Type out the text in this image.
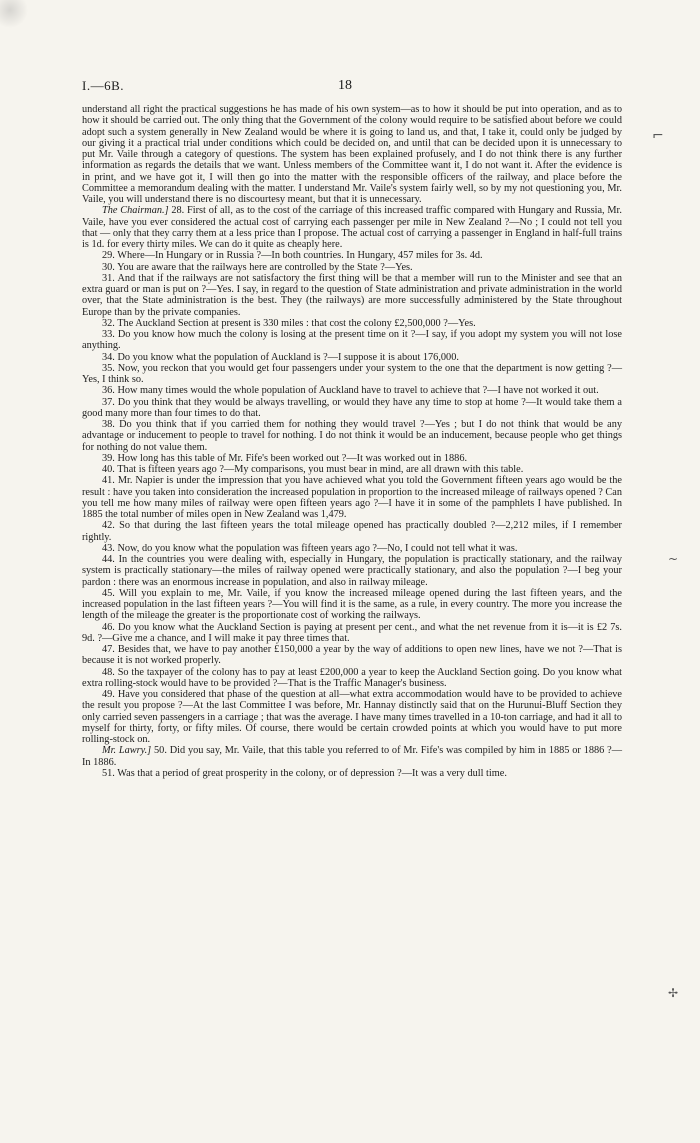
I.—6B.	18

understand all right the practical suggestions he has made of his own system—as to how it should be put into operation, and as to how it should be carried out. The only thing that the Government of the colony would require to be satisfied about before we could adopt such a system generally in New Zealand would be where it is going to land us, and that, I take it, could only be judged by our giving it a practical trial under conditions which could be decided on, and until that can be decided upon it is unnecessary to put Mr. Vaile through a category of questions. The system has been explained profusely, and I do not think there is any further information as regards the details that we want. Unless members of the Committee want it, I do not want it. After the evidence is in print, and we have got it, I will then go into the matter with the responsible officers of the railway, and place before the Committee a memorandum dealing with the matter. I understand Mr. Vaile's system fairly well, so by my not questioning you, Mr. Vaile, you will understand there is no discourtesy meant, but that it is unnecessary.

The Chairman.] 28. First of all, as to the cost of the carriage of this increased traffic compared with Hungary and Russia, Mr. Vaile, have you ever considered the actual cost of carrying each passenger per mile in New Zealand ?—No ; I could not tell you that — only that they carry them at a less price than I propose. The actual cost of carrying a passenger in England in half-full trains is 1d. for every thirty miles. We can do it quite as cheaply here.

29. Where—In Hungary or in Russia ?—In both countries. In Hungary, 457 miles for 3s. 4d.

30. You are aware that the railways here are controlled by the State ?—Yes.

31. And that if the railways are not satisfactory the first thing will be that a member will run to the Minister and see that an extra guard or man is put on ?—Yes. I say, in regard to the question of State administration and private administration in the world over, that the State administration is the best. They (the railways) are more successfully administered by the State throughout Europe than by the private companies.

32. The Auckland Section at present is 330 miles : that cost the colony £2,500,000 ?—Yes.

33. Do you know how much the colony is losing at the present time on it ?—I say, if you adopt my system you will not lose anything.

34. Do you know what the population of Auckland is ?—I suppose it is about 176,000.

35. Now, you reckon that you would get four passengers under your system to the one that the department is now getting ?—Yes, I think so.

36. How many times would the whole population of Auckland have to travel to achieve that ?—I have not worked it out.

37. Do you think that they would be always travelling, or would they have any time to stop at home ?—It would take them a good many more than four times to do that.

38. Do you think that if you carried them for nothing they would travel ?—Yes ; but I do not think that would be any advantage or inducement to people to travel for nothing. I do not think it would be an inducement, because people who get things for nothing do not value them.

39. How long has this table of Mr. Fife's been worked out ?—It was worked out in 1886.

40. That is fifteen years ago ?—My comparisons, you must bear in mind, are all drawn with this table.

41. Mr. Napier is under the impression that you have achieved what you told the Government fifteen years ago would be the result : have you taken into consideration the increased population in proportion to the increased mileage of railways opened ? Can you tell me how many miles of railway were open fifteen years ago ?—I have it in some of the pamphlets I have published. In 1885 the total number of miles open in New Zealand was 1,479.

42. So that during the last fifteen years the total mileage opened has practically doubled ?—2,212 miles, if I remember rightly.

43. Now, do you know what the population was fifteen years ago ?—No, I could not tell what it was.

44. In the countries you were dealing with, especially in Hungary, the population is practically stationary, and the railway system is practically stationary—the miles of railway opened were practically stationary, and also the population ?—I beg your pardon : there was an enormous increase in population, and also in railway mileage.

45. Will you explain to me, Mr. Vaile, if you know the increased mileage opened during the last fifteen years, and the increased population in the last fifteen years ?—You will find it is the same, as a rule, in every country. The more you increase the length of the mileage the greater is the proportionate cost of working the railways.

46. Do you know what the Auckland Section is paying at present per cent., and what the net revenue from it is—it is £2 7s. 9d. ?—Give me a chance, and I will make it pay three times that.

47. Besides that, we have to pay another £150,000 a year by the way of additions to open new lines, have we not ?—That is because it is not worked properly.

48. So the taxpayer of the colony has to pay at least £200,000 a year to keep the Auckland Section going. Do you know what extra rolling-stock would have to be provided ?—That is the Traffic Manager's business.

49. Have you considered that phase of the question at all—what extra accommodation would have to be provided to achieve the result you propose ?—At the last Committee I was before, Mr. Hannay distinctly said that on the Hurunui-Bluff Section they only carried seven passengers in a carriage ; that was the average. I have many times travelled in a 10-ton carriage, and had it all to myself for thirty, forty, or fifty miles. Of course, there would be certain crowded points at which you would have to put more rolling-stock on.

Mr. Lawry.] 50. Did you say, Mr. Vaile, that this table you referred to of Mr. Fife's was compiled by him in 1885 or 1886 ?—In 1886.

51. Was that a period of great prosperity in the colony, or of depression ?—It was a very dull time.

⌐
~
✢
